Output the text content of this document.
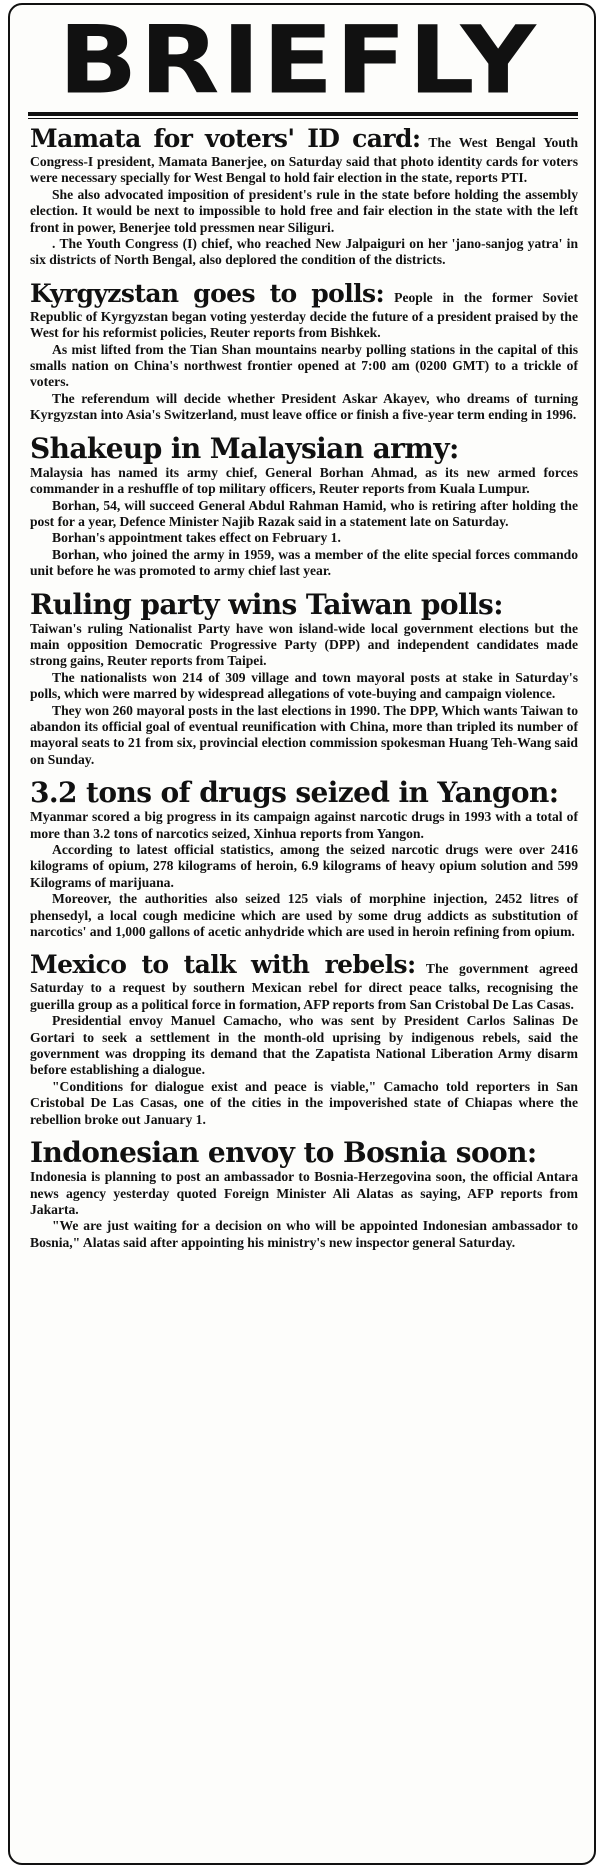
BRIEFLY

Mamata for voters' ID card: The West Bengal Youth Congress-I president, Mamata Banerjee, on Saturday said that photo identity cards for voters were necessary specially for West Bengal to hold fair election in the state, reports PTI.

She also advocated imposition of president's rule in the state before holding the assembly election. It would be next to impossible to hold free and fair election in the state with the left front in power, Benerjee told pressmen near Siliguri.

. The Youth Congress (I) chief, who reached New Jalpaiguri on her 'jano-sanjog yatra' in six districts of North Bengal, also deplored the condition of the districts.

Kyrgyzstan goes to polls: People in the former Soviet Republic of Kyrgyzstan began voting yesterday decide the future of a president praised by the West for his reformist policies, Reuter reports from Bishkek.

As mist lifted from the Tian Shan mountains nearby polling stations in the capital of this smalls nation on China's northwest frontier opened at 7:00 am (0200 GMT) to a trickle of voters.

The referendum will decide whether President Askar Akayev, who dreams of turning Kyrgyzstan into Asia's Switzerland, must leave office or finish a five-year term ending in 1996.

Shakeup in Malaysian army:

Malaysia has named its army chief, General Borhan Ahmad, as its new armed forces commander in a reshuffle of top military officers, Reuter reports from Kuala Lumpur.

Borhan, 54, will succeed General Abdul Rahman Hamid, who is retiring after holding the post for a year, Defence Minister Najib Razak said in a statement late on Saturday.

Borhan's appointment takes effect on February 1.

Borhan, who joined the army in 1959, was a member of the elite special forces commando unit before he was promoted to army chief last year.

Ruling party wins Taiwan polls:

Taiwan's ruling Nationalist Party have won island-wide local government elections but the main opposition Democratic Progressive Party (DPP) and independent candidates made strong gains, Reuter reports from Taipei.

The nationalists won 214 of 309 village and town mayoral posts at stake in Saturday's polls, which were marred by widespread allegations of vote-buying and campaign violence.

They won 260 mayoral posts in the last elections in 1990. The DPP, Which wants Taiwan to abandon its official goal of eventual reunification with China, more than tripled its number of mayoral seats to 21 from six, provincial election commission spokesman Huang Teh-Wang said on Sunday.

3.2 tons of drugs seized in Yangon:

Myanmar scored a big progress in its campaign against narcotic drugs in 1993 with a total of more than 3.2 tons of narcotics seized, Xinhua reports from Yangon.

According to latest official statistics, among the seized narcotic drugs were over 2416 kilograms of opium, 278 kilograms of heroin, 6.9 kilograms of heavy opium solution and 599 Kilograms of marijuana.

Moreover, the authorities also seized 125 vials of morphine injection, 2452 litres of phensedyl, a local cough medicine which are used by some drug addicts as substitution of narcotics' and 1,000 gallons of acetic anhydride which are used in heroin refining from opium.

Mexico to talk with rebels: The government agreed Saturday to a request by southern Mexican rebel for direct peace talks, recognising the guerilla group as a political force in formation, AFP reports from San Cristobal De Las Casas.

Presidential envoy Manuel Camacho, who was sent by President Carlos Salinas De Gortari to seek a settlement in the month-old uprising by indigenous rebels, said the government was dropping its demand that the Zapatista National Liberation Army disarm before establishing a dialogue.

"Conditions for dialogue exist and peace is viable," Camacho told reporters in San Cristobal De Las Casas, one of the cities in the impoverished state of Chiapas where the rebellion broke out January 1.

Indonesian envoy to Bosnia soon:

Indonesia is planning to post an ambassador to Bosnia-Herzegovina soon, the official Antara news agency yesterday quoted Foreign Minister Ali Alatas as saying, AFP reports from Jakarta.

"We are just waiting for a decision on who will be appointed Indonesian ambassador to Bosnia," Alatas said after appointing his ministry's new inspector general Saturday.
